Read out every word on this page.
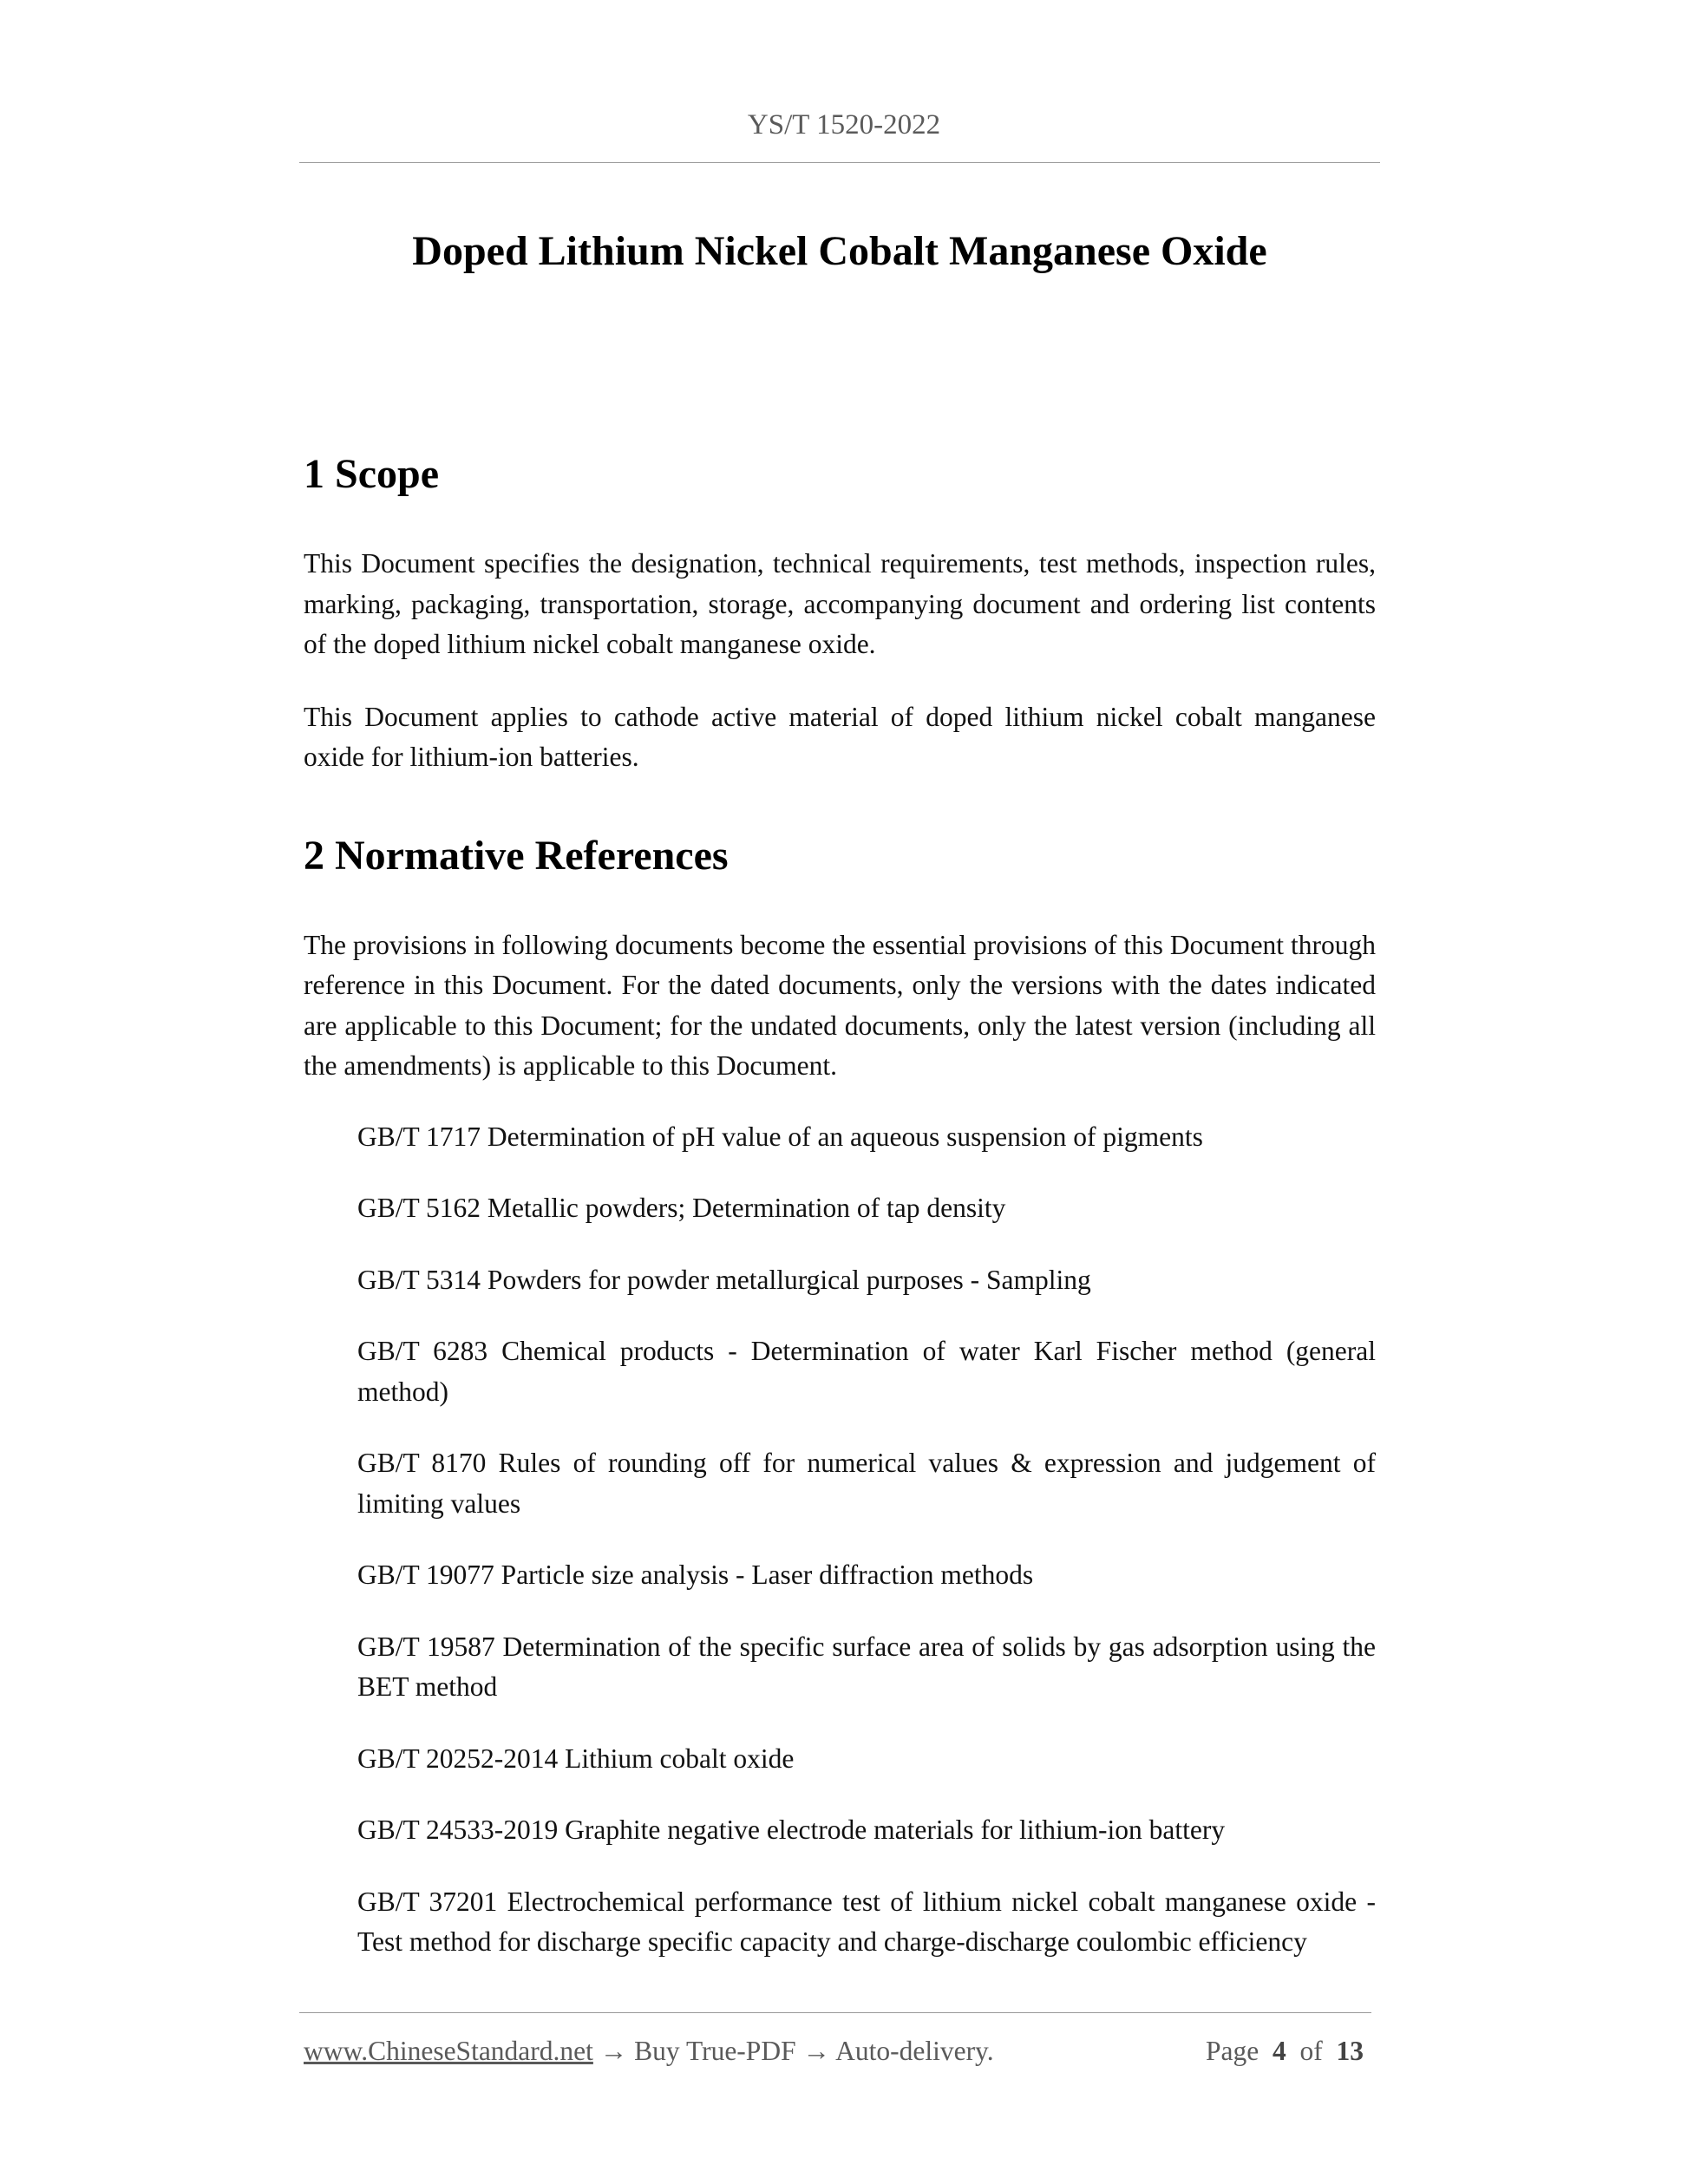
YS/T 1520-2022
Doped Lithium Nickel Cobalt Manganese Oxide
1 Scope

This Document specifies the designation, technical requirements, test methods, inspection rules, marking, packaging, transportation, storage, accompanying document and ordering list contents of the doped lithium nickel cobalt manganese oxide.

This Document applies to cathode active material of doped lithium nickel cobalt manganese oxide for lithium-ion batteries.

2 Normative References

The provisions in following documents become the essential provisions of this Document through reference in this Document. For the dated documents, only the versions with the dates indicated are applicable to this Document; for the undated documents, only the latest version (including all the amendments) is applicable to this Document.

GB/T 1717 Determination of pH value of an aqueous suspension of pigments
GB/T 5162 Metallic powders; Determination of tap density
GB/T 5314 Powders for powder metallurgical purposes - Sampling
GB/T 6283 Chemical products - Determination of water Karl Fischer method (general method)
GB/T 8170 Rules of rounding off for numerical values & expression and judgement of limiting values
GB/T 19077 Particle size analysis - Laser diffraction methods
GB/T 19587 Determination of the specific surface area of solids by gas adsorption using the BET method
GB/T 20252-2014 Lithium cobalt oxide
GB/T 24533-2019 Graphite negative electrode materials for lithium-ion battery
GB/T 37201 Electrochemical performance test of lithium nickel cobalt manganese oxide - Test method for discharge specific capacity and charge-discharge coulombic efficiency
www.ChineseStandard.net → Buy True-PDF → Auto-delivery.	Page 4 of 13
